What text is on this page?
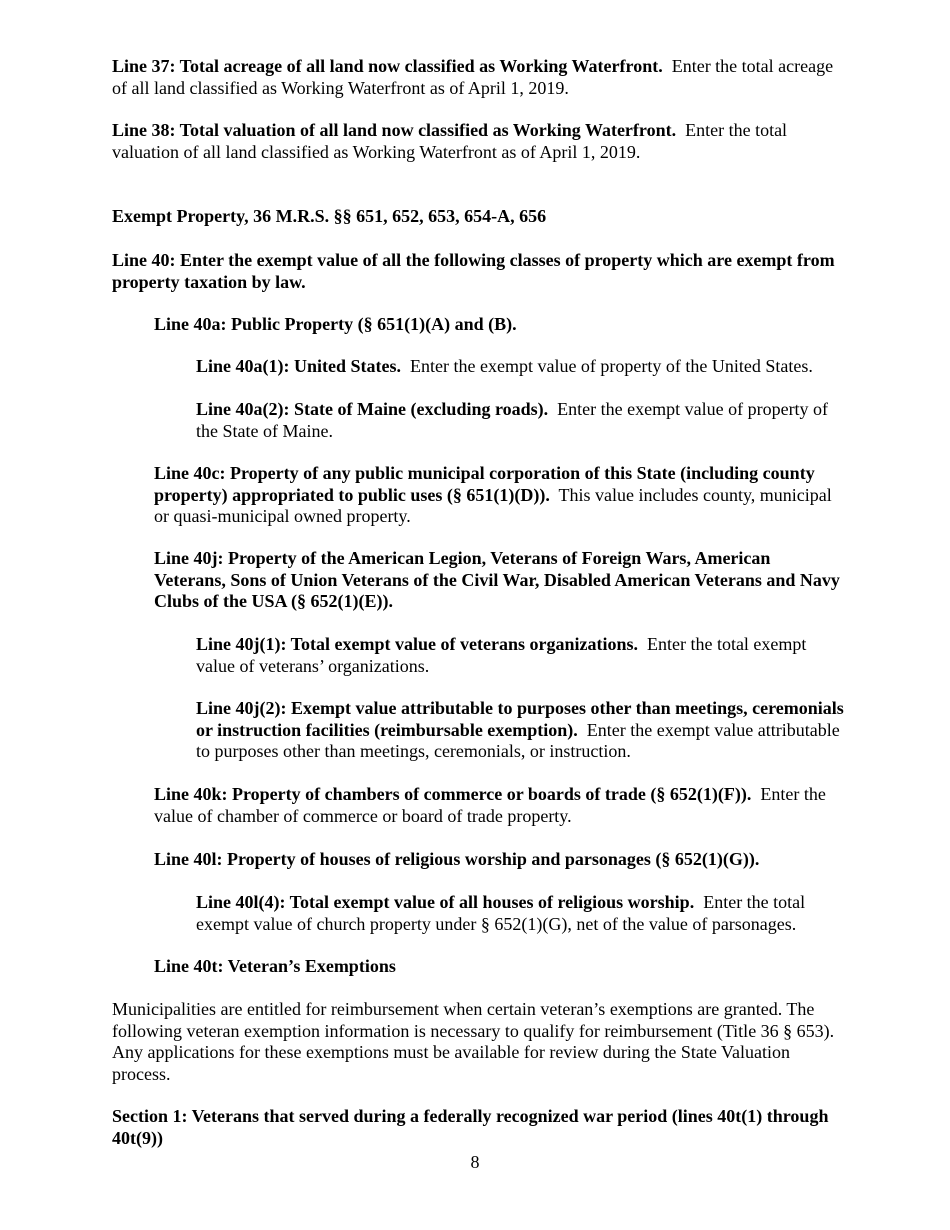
Line 37: Total acreage of all land now classified as Working Waterfront. Enter the total acreage of all land classified as Working Waterfront as of April 1, 2019.

Line 38: Total valuation of all land now classified as Working Waterfront. Enter the total valuation of all land classified as Working Waterfront as of April 1, 2019.

Exempt Property, 36 M.R.S. §§ 651, 652, 653, 654-A, 656

Line 40: Enter the exempt value of all the following classes of property which are exempt from property taxation by law.

Line 40a: Public Property (§ 651(1)(A) and (B).

Line 40a(1): United States. Enter the exempt value of property of the United States.

Line 40a(2): State of Maine (excluding roads). Enter the exempt value of property of the State of Maine.

Line 40c: Property of any public municipal corporation of this State (including county property) appropriated to public uses (§ 651(1)(D)). This value includes county, municipal or quasi-municipal owned property.

Line 40j: Property of the American Legion, Veterans of Foreign Wars, American Veterans, Sons of Union Veterans of the Civil War, Disabled American Veterans and Navy Clubs of the USA (§ 652(1)(E)).

Line 40j(1): Total exempt value of veterans organizations. Enter the total exempt value of veterans’ organizations.

Line 40j(2): Exempt value attributable to purposes other than meetings, ceremonials or instruction facilities (reimbursable exemption). Enter the exempt value attributable to purposes other than meetings, ceremonials, or instruction.

Line 40k: Property of chambers of commerce or boards of trade (§ 652(1)(F)). Enter the value of chamber of commerce or board of trade property.

Line 40l: Property of houses of religious worship and parsonages (§ 652(1)(G)).

Line 40l(4): Total exempt value of all houses of religious worship. Enter the total exempt value of church property under § 652(1)(G), net of the value of parsonages.

Line 40t: Veteran’s Exemptions

Municipalities are entitled for reimbursement when certain veteran’s exemptions are granted. The following veteran exemption information is necessary to qualify for reimbursement (Title 36 § 653). Any applications for these exemptions must be available for review during the State Valuation process.

Section 1: Veterans that served during a federally recognized war period (lines 40t(1) through 40t(9))

8
